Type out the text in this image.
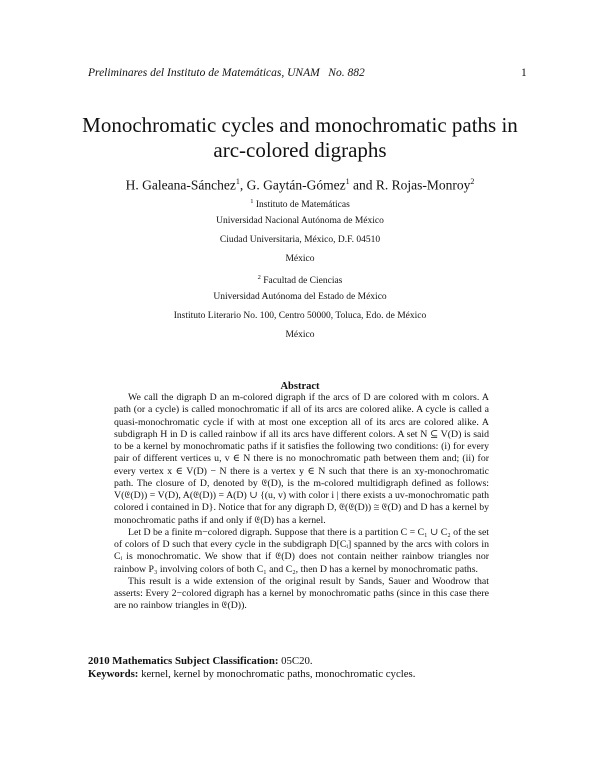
Preliminares del Instituto de Matemáticas, UNAM No. 882	1
Monochromatic cycles and monochromatic paths in
arc-colored digraphs
H. Galeana-Sánchez$^1$, G. Gaytán-Gómez$^1$ and R. Rojas-Monroy$^2$
$^1$ Instituto de Matemáticas
Universidad Nacional Autónoma de México
Ciudad Universitaria, México, D.F. 04510
México
$^2$ Facultad de Ciencias
Universidad Autónoma del Estado de México
Instituto Literario No. 100, Centro 50000, Toluca, Edo. de México
México
Abstract

We call the digraph D an m-colored digraph if the arcs of D are colored with m colors. A path (or a cycle) is called monochromatic if all of its arcs are colored alike. A cycle is called a quasi-monochromatic cycle if with at most one exception all of its arcs are colored alike. A subdigraph H in D is called rainbow if all its arcs have different colors. A set N ⊆ V(D) is said to be a kernel by monochromatic paths if it satisfies the following two conditions: (i) for every pair of different vertices u, v ∈ N there is no monochromatic path between them and; (ii) for every vertex x ∈ V(D) − N there is a vertex y ∈ N such that there is an xy-monochromatic path. The closure of D, denoted by 𝔈(D), is the m-colored multidigraph defined as follows: V(𝔈(D)) = V(D), A(𝔈(D)) = A(D) ∪ {(u, v) with color i | there exists a uv-monochromatic path colored i contained in D}. Notice that for any digraph D, 𝔈(𝔈(D)) ≅ 𝔈(D) and D has a kernel by monochromatic paths if and only if 𝔈(D) has a kernel.

Let D be a finite m−colored digraph. Suppose that there is a partition C = C₁ ∪ C₂ of the set of colors of D such that every cycle in the subdigraph D[Cᵢ] spanned by the arcs with colors in Cᵢ is monochromatic. We show that if 𝔈(D) does not contain neither rainbow triangles nor rainbow P₃ involving colors of both C₁ and C₂, then D has a kernel by monochromatic paths.

This result is a wide extension of the original result by Sands, Sauer and Woodrow that asserts: Every 2−colored digraph has a kernel by monochromatic paths (since in this case there are no rainbow triangles in 𝔈(D)).

2010 Mathematics Subject Classification: 05C20.
Keywords: kernel, kernel by monochromatic paths, monochromatic cycles.
